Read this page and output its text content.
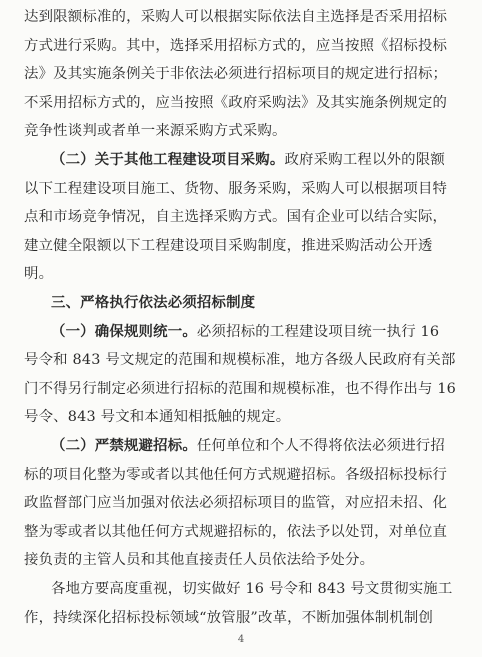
达到限额标准的，采购人可以根据实际依法自主选择是否采用招标
方式进行采购。其中，选择采用招标方式的，应当按照《招标投标
法》及其实施条例关于非依法必须进行招标项目的规定进行招标；
不采用招标方式的，应当按照《政府采购法》及其实施条例规定的
竞争性谈判或者单一来源采购方式采购。
（二）关于其他工程建设项目采购。政府采购工程以外的限额
以下工程建设项目施工、货物、服务采购，采购人可以根据项目特
点和市场竞争情况，自主选择采购方式。国有企业可以结合实际，
建立健全限额以下工程建设项目采购制度，推进采购活动公开透
明。
三、严格执行依法必须招标制度
（一）确保规则统一。必须招标的工程建设项目统一执行 16
号令和 843 号文规定的范围和规模标准，地方各级人民政府有关部
门不得另行制定必须进行招标的范围和规模标准，也不得作出与 16
号令、843 号文和本通知相抵触的规定。
（二）严禁规避招标。任何单位和个人不得将依法必须进行招
标的项目化整为零或者以其他任何方式规避招标。各级招标投标行
政监督部门应当加强对依法必须招标项目的监管，对应招未招、化
整为零或者以其他任何方式规避招标的，依法予以处罚，对单位直
接负责的主管人员和其他直接责任人员依法给予处分。
各地方要高度重视，切实做好 16 号令和 843 号文贯彻实施工
作，持续深化招标投标领域“放管服”改革，不断加强体制机制创
4
